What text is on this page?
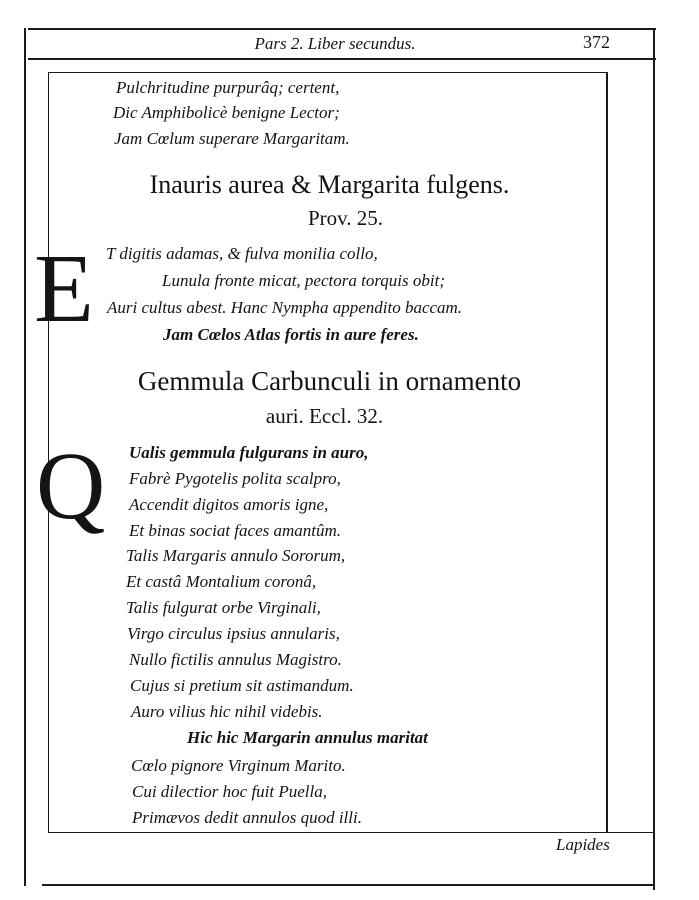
Pars 2. Liber secundus.	372
Pulchritudine purpurâq; certent,
Dic Amphibolicè benigne Lector;
Jam Cœlum superare Margaritam.
Inauris aurea & Margarita fulgens.
Prov. 25.
E T digitis adamas, & fulva monilia collo,
Lunula fronte micat, pectora torquis obit;
Auri cultus abest. Hanc Nympha appendito baccam.
Jam Cœlos Atlas fortis in aure feres.
Gemmula Carbunculi in ornamento
auri. Eccl. 32.
Q Ualis gemmula fulgurans in auro,
Fabrè Pygotelis polita scalpro,
Accendit digitos amoris igne,
Et binas sociat faces amantûm.
Talis Margaris annulo Sororum,
Et castâ Montalium coronâ,
Talis fulgurat orbe Virginali,
Virgo circulus ipsius annularis,
Nullo fictilis annulus Magistro.
Cujus si pretium sit astimandum.
Auro vilius hic nihil videbis.
Hic hic Margarin annulus maritat
Cœlo pignore Virginum Marito.
Cui dilectior hoc fuit Puella,
Primævos dedit annulos quod illi.
Lapides
